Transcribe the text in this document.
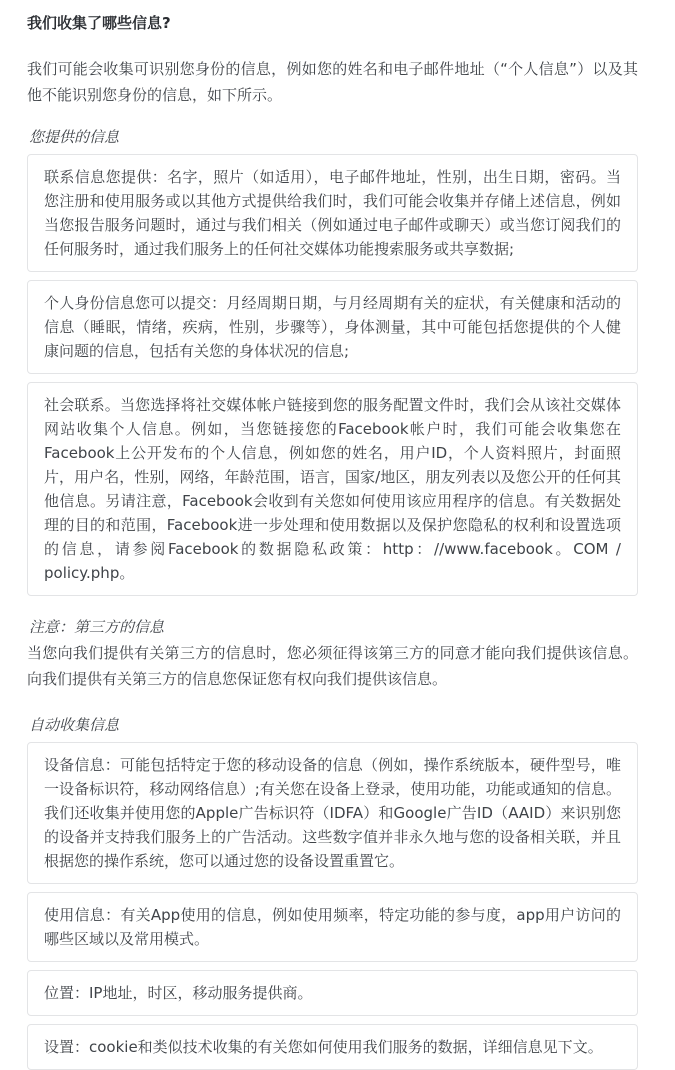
我们收集了哪些信息?

我们可能会收集可识别您身份的信息，例如您的姓名和电子邮件地址（“个人信息”）以及其他不能识别您身份的信息，如下所示。

您提供的信息
联系信息您提供：名字，照片（如适用），电子邮件地址，性别，出生日期，密码。当您注册和使用服务或以其他方式提供给我们时，我们可能会收集并存储上述信息，例如当您报告服务问题时，通过与我们相关（例如通过电子邮件或聊天）或当您订阅我们的任何服务时，通过我们服务上的任何社交媒体功能搜索服务或共享数据;
个人身份信息您可以提交：月经周期日期，与月经周期有关的症状，有关健康和活动的信息（睡眠，情绪，疾病，性别，步骤等），身体测量，其中可能包括您提供的个人健康问题的信息，包括有关您的身体状况的信息;
社会联系。当您选择将社交媒体帐户链接到您的服务配置文件时，我们会从该社交媒体网站收集个人信息。例如，当您链接您的Facebook帐户时，我们可能会收集您在Facebook上公开发布的个人信息，例如您的姓名，用户ID，个人资料照片，封面照片，用户名，性别，网络，年龄范围，语言，国家/地区，朋友列表以及您公开的任何其他信息。另请注意，Facebook会收到有关您如何使用该应用程序的信息。有关数据处理的目的和范围，Facebook进一步处理和使用数据以及保护您隐私的权利和设置选项的信息，请参阅Facebook的数据隐私政策：http：//www.facebook。COM / policy.php。
注意：第三方的信息

当您向我们提供有关第三方的信息时，您必须征得该第三方的同意才能向我们提供该信息。向我们提供有关第三方的信息您保证您有权向我们提供该信息。

自动收集信息
设备信息：可能包括特定于您的移动设备的信息（例如，操作系统版本，硬件型号，唯一设备标识符，移动网络信息）;有关您在设备上登录，使用功能，功能或通知的信息。我们还收集并使用您的Apple广告标识符（IDFA）和Google广告ID（AAID）来识别您的设备并支持我们服务上的广告活动。这些数字值并非永久地与您的设备相关联，并且根据您的操作系统，您可以通过您的设备设置重置它。
使用信息：有关App使用的信息，例如使用频率，特定功能的参与度，app用户访问的哪些区域以及常用模式。
位置：IP地址，时区，移动服务提供商。
设置：cookie和类似技术收集的有关您如何使用我们服务的数据，详细信息见下文。
